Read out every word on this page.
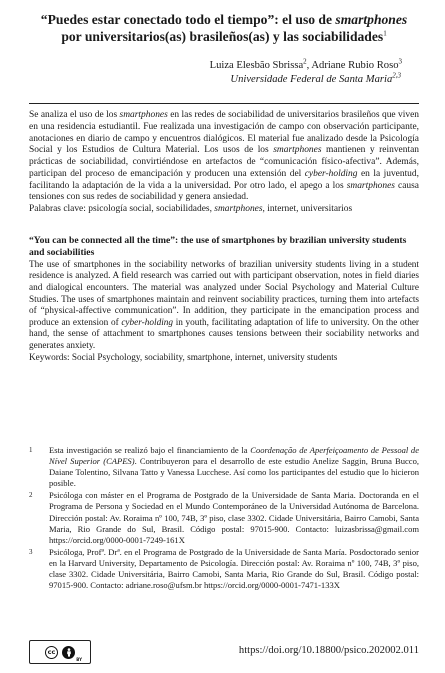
“Puedes estar conectado todo el tiempo”: el uso de smartphones
por universitarios(as) brasileños(as) y las sociabilidades$^1$
Luiza Elesbão Sbrissa$^2$, Adriane Rubio Roso$^3$
Universidade Federal de Santa Maria$^{2,3}$
Se analiza el uso de los smartphones en las redes de sociabilidad de universitarios brasileños que viven en una residencia estudiantil. Fue realizada una investigación de campo con observación participante, anotaciones en diario de campo y encuentros dialógicos. El material fue analizado desde la Psicología Social y los Estudios de Cultura Material. Los usos de los smartphones mantienen y reinventan prácticas de sociabilidad, convirtiéndose en artefactos de “comunicación físico-afectiva”. Además, participan del proceso de emancipación y producen una extensión del cyber-holding en la juventud, facilitando la adaptación de la vida a la universidad. Por otro lado, el apego a los smartphones causa tensiones con sus redes de sociabilidad y genera ansiedad.
Palabras clave: psicología social, sociabilidades, smartphones, internet, universitarios
“You can be connected all the time”: the use of smartphones by brazilian university students and sociabilities
The use of smartphones in the sociability networks of brazilian university students living in a student residence is analyzed. A field research was carried out with participant observation, notes in field diaries and dialogical encounters. The material was analyzed under Social Psychology and Material Culture Studies. The uses of smartphones maintain and reinvent sociability practices, turning them into artefacts of “physical-affective communication”. In addition, they participate in the emancipation process and produce an extension of cyber-holding in youth, facilitating adaptation of life to university. On the other hand, the sense of attachment to smartphones causes tensions between their sociability networks and generates anxiety.
Keywords: Social Psychology, sociability, smartphone, internet, university students
1	Esta investigación se realizó bajo el financiamiento de la Coordenação de Aperfeiçoamento de Pessoal de Nível Superior (CAPES). Contribuyeron para el desarrollo de este estudio Anelize Saggin, Bruna Bucco, Daiane Tolentino, Silvana Tatto y Vanessa Lucchese. Así como los participantes del estudio que lo hicieron posible.
2	Psicóloga con máster en el Programa de Postgrado de la Universidade de Santa Maria. Doctoranda en el Programa de Persona y Sociedad en el Mundo Contemporáneo de la Universidad Autónoma de Barcelona. Dirección postal: Av. Roraima nº 100, 74B, 3º piso, clase 3302. Cidade Universitária, Bairro Camobi, Santa Maria, Rio Grande do Sul, Brasil. Código postal: 97015-900. Contacto: luizasbrissa@gmail.com https://orcid.org/0000-0001-7249-161X
3	Psicóloga, Profª. Drª. en el Programa de Postgrado de la Universidade de Santa María. Posdoctorado senior en la Harvard University, Departamento de Psicología. Dirección postal: Av. Roraima nº 100, 74B, 3º piso, clase 3302. Cidade Universitária, Bairro Camobi, Santa Maria, Rio Grande do Sul, Brasil. Código postal: 97015-900. Contacto: adriane.roso@ufsm.br https://orcid.org/0000-0001-7471-133X
cc
BY
https://doi.org/10.18800/psico.202002.011
